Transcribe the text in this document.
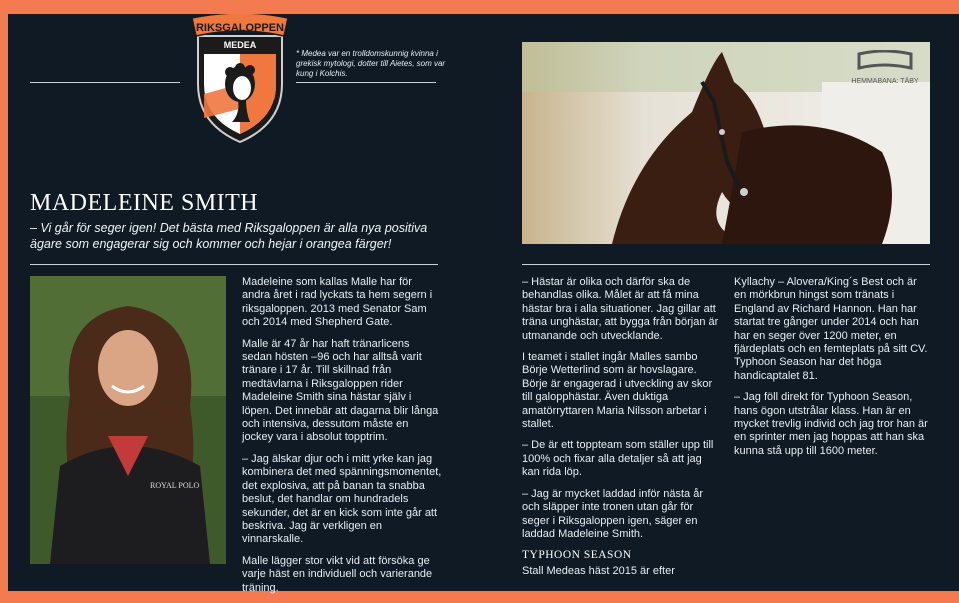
RIKSGALOPPEN
MEDEA
* Medea var en trolldomskunnig kvinna i grekisk mytologi, dotter till Aietes, som var kung i Kolchis.
MADELEINE SMITH
– Vi går för seger igen! Det bästa med Riksgaloppen är alla nya positiva ägare som engagerar sig och kommer och hejar i orangea färger!
HEMMABANA: TÄBY
ROYAL POLO

Madeleine som kallas Malle har för andra året i rad lyckats ta hem segern i riksgaloppen. 2013 med Senator Sam och 2014 med Shepherd Gate.

Malle är 47 år har haft tränarlicens sedan hösten –96 och har alltså varit tränare i 17 år. Till skillnad från medtävlarna i Riksgaloppen rider Madeleine Smith sina hästar själv i löpen. Det innebär att dagarna blir långa och intensiva, dessutom måste en jockey vara i absolut topptrim.

– Jag älskar djur och i mitt yrke kan jag kombinera det med spänningsmomentet, det explosiva, att på banan ta snabba beslut, det handlar om hundradels sekunder, det är en kick som inte går att beskriva. Jag är verkligen en vinnarskalle.

Malle lägger stor vikt vid att försöka ge varje häst en individuell och varierande träning.

– Hästar är olika och därför ska de behandlas olika. Målet är att få mina hästar bra i alla situationer. Jag gillar att träna unghästar, att bygga från början är utmanande och utvecklande.

I teamet i stallet ingår Malles sambo Börje Wetterlind som är hovslagare. Börje är engagerad i utveckling av skor till galopphästar. Även duktiga amatörryttaren Maria Nilsson arbetar i stallet.

– De är ett toppteam som ställer upp till 100% och fixar alla detaljer så att jag kan rida löp.

– Jag är mycket laddad inför nästa år och släpper inte tronen utan går för seger i Riksgaloppen igen, säger en laddad Madeleine Smith.

TYPHOON SEASON
Stall Medeas häst 2015 är efter

Kyllachy – Alovera/King´s Best och är en mörkbrun hingst som tränats i England av Richard Hannon. Han har startat tre gånger under 2014 och han har en seger över 1200 meter, en fjärdeplats och en femteplats på sitt CV. Typhoon Season har det höga handicaptalet 81.

– Jag föll direkt för Typhoon Season, hans ögon utstrålar klass. Han är en mycket trevlig individ och jag tror han är en sprinter men jag hoppas att han ska kunna stå upp till 1600 meter.
